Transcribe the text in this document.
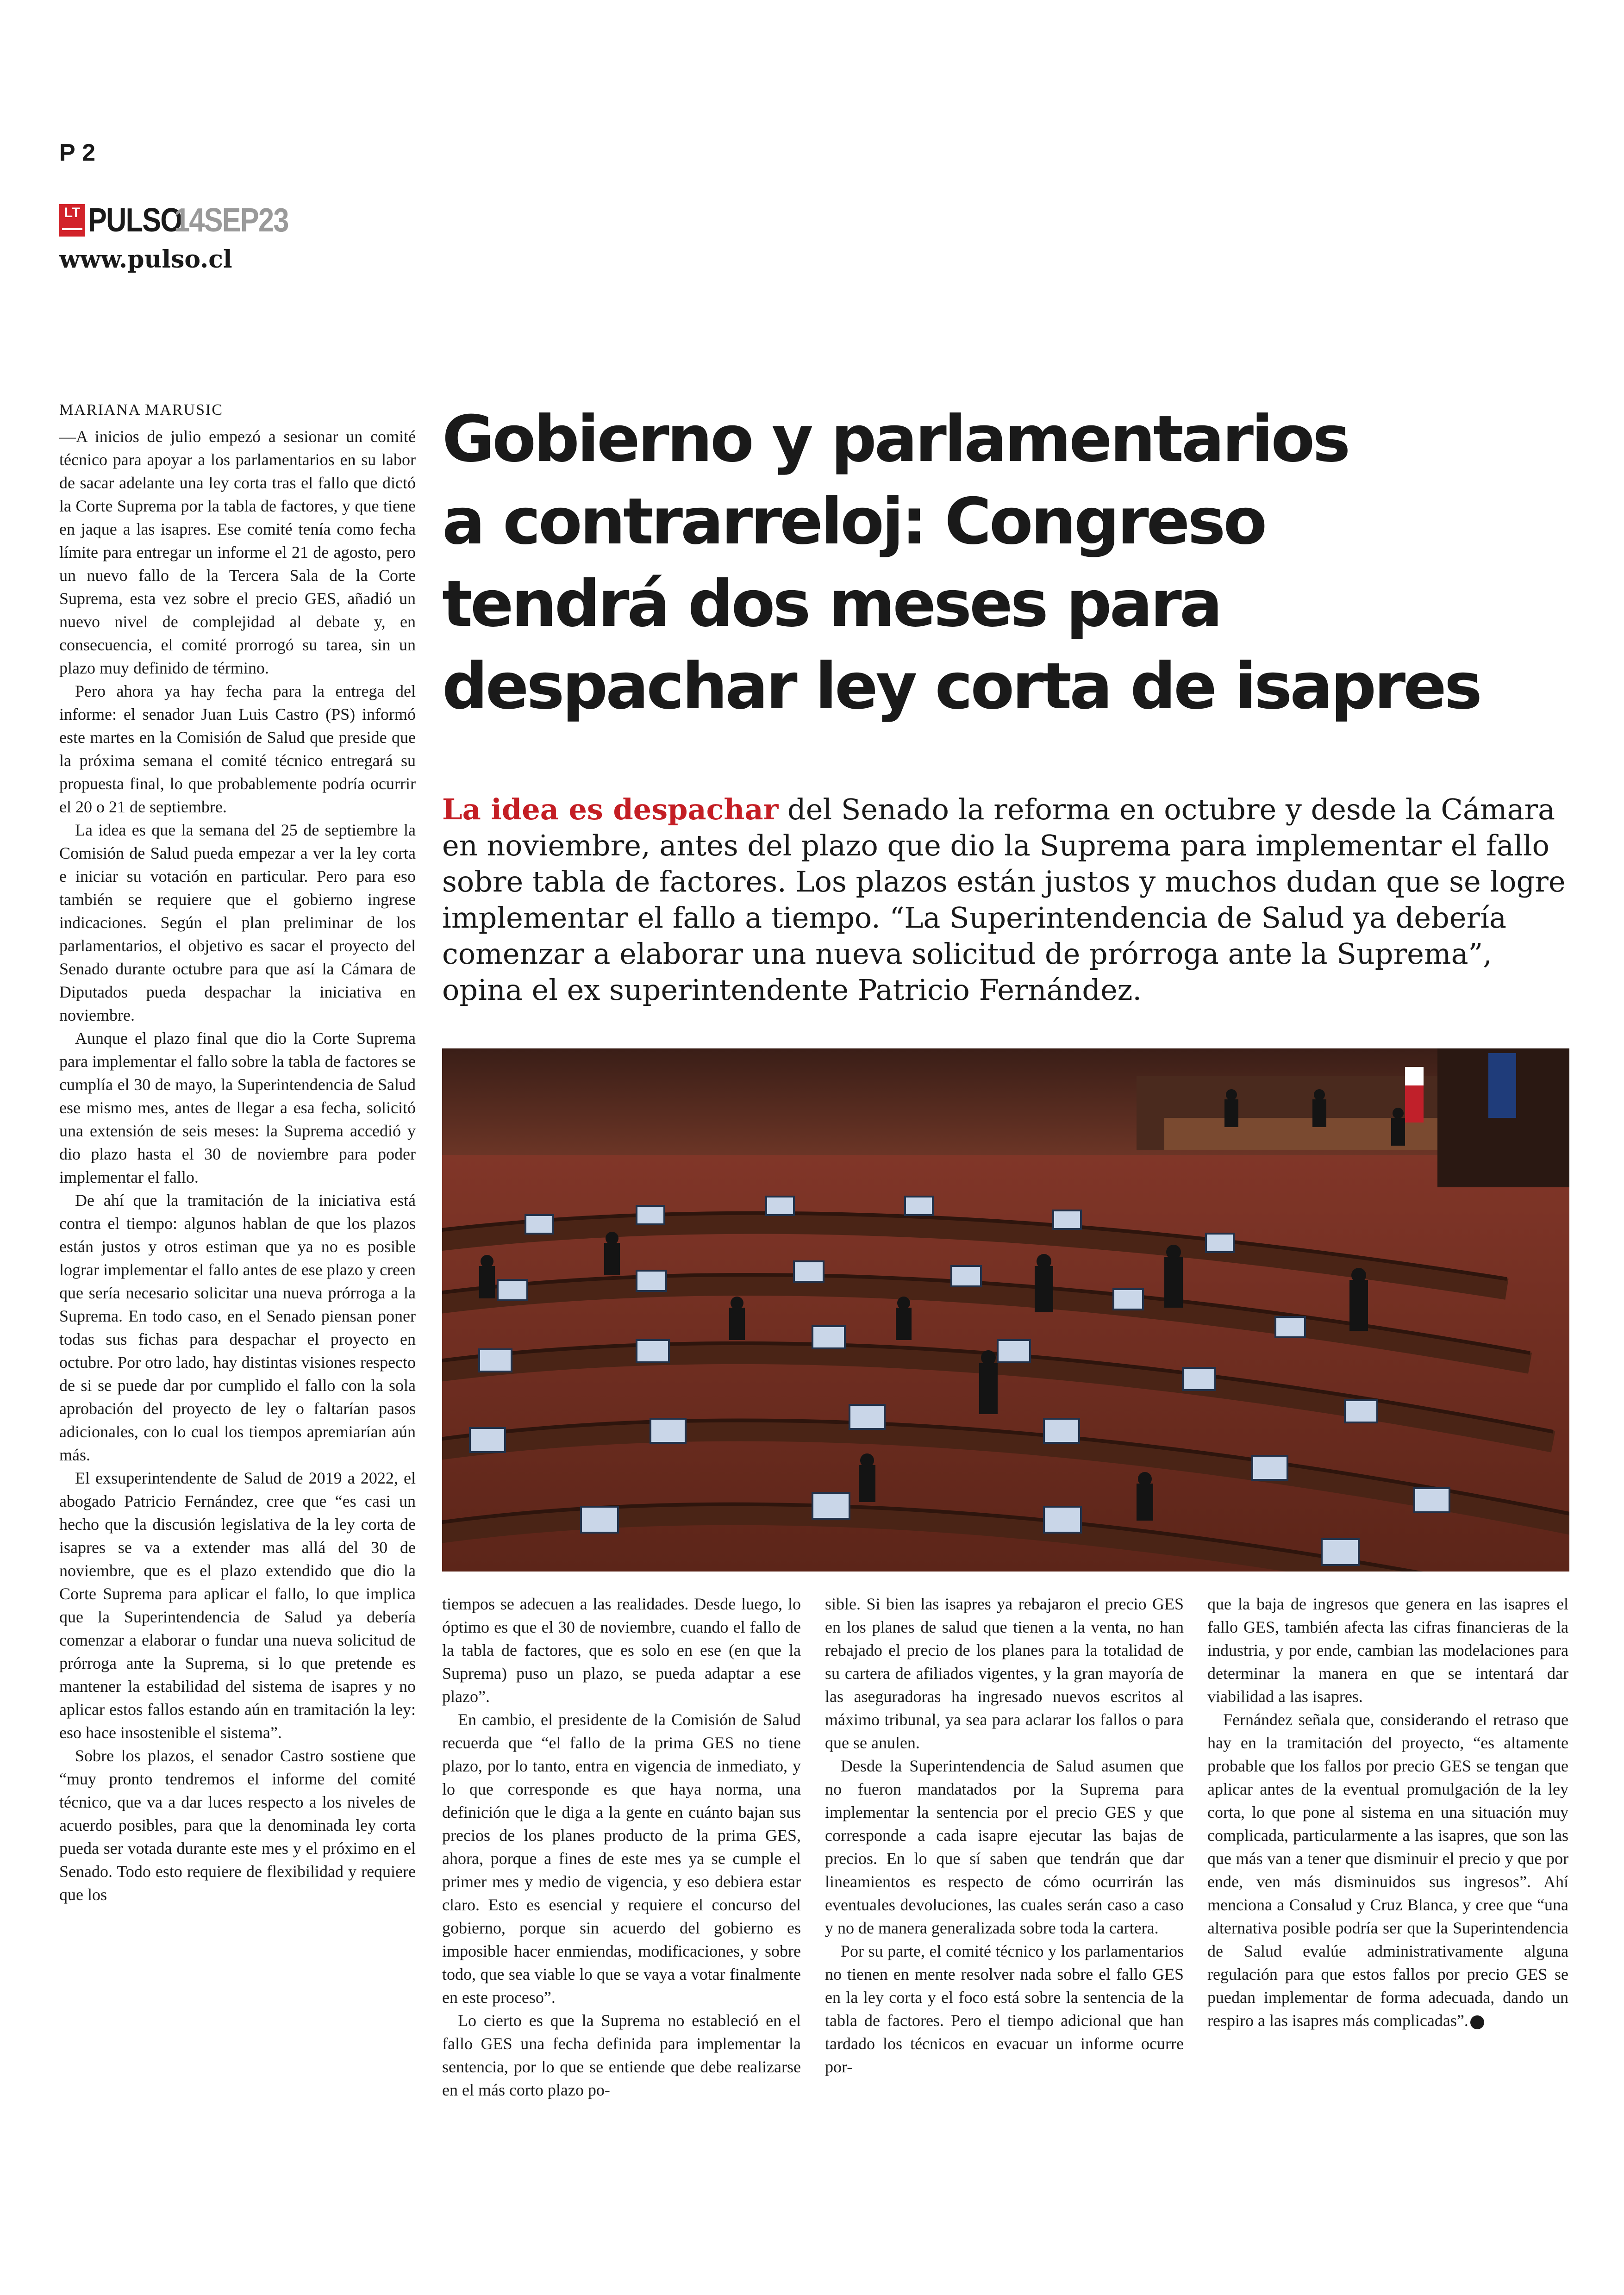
P 2
LT PULSO
14SEP23
www.pulso.cl
MARIANA MARUSIC

—A inicios de julio empezó a sesionar un comité técnico para apoyar a los parlamentarios en su labor de sacar adelante una ley corta tras el fallo que dictó la Corte Suprema por la tabla de factores, y que tiene en jaque a las isapres. Ese comité tenía como fecha límite para entregar un informe el 21 de agosto, pero un nuevo fallo de la Tercera Sala de la Corte Suprema, esta vez sobre el precio GES, añadió un nuevo nivel de complejidad al debate y, en consecuencia, el comité prorrogó su tarea, sin un plazo muy definido de término.

Pero ahora ya hay fecha para la entrega del informe: el senador Juan Luis Castro (PS) informó este martes en la Comisión de Salud que preside que la próxima semana el comité técnico entregará su propuesta final, lo que probablemente podría ocurrir el 20 o 21 de septiembre.

La idea es que la semana del 25 de septiembre la Comisión de Salud pueda empezar a ver la ley corta e iniciar su votación en particular. Pero para eso también se requiere que el gobierno ingrese indicaciones. Según el plan preliminar de los parlamentarios, el objetivo es sacar el proyecto del Senado durante octubre para que así la Cámara de Diputados pueda despachar la iniciativa en noviembre.

Aunque el plazo final que dio la Corte Suprema para implementar el fallo sobre la tabla de factores se cumplía el 30 de mayo, la Superintendencia de Salud ese mismo mes, antes de llegar a esa fecha, solicitó una extensión de seis meses: la Suprema accedió y dio plazo hasta el 30 de noviembre para poder implementar el fallo.

De ahí que la tramitación de la iniciativa está contra el tiempo: algunos hablan de que los plazos están justos y otros estiman que ya no es posible lograr implementar el fallo antes de ese plazo y creen que sería necesario solicitar una nueva prórroga a la Suprema. En todo caso, en el Senado piensan poner todas sus fichas para despachar el proyecto en octubre. Por otro lado, hay distintas visiones respecto de si se puede dar por cumplido el fallo con la sola aprobación del proyecto de ley o faltarían pasos adicionales, con lo cual los tiempos apremiarían aún más.

El exsuperintendente de Salud de 2019 a 2022, el abogado Patricio Fernández, cree que “es casi un hecho que la discusión legislativa de la ley corta de isapres se va a extender mas allá del 30 de noviembre, que es el plazo extendido que dio la Corte Suprema para aplicar el fallo, lo que implica que la Superintendencia de Salud ya debería comenzar a elaborar o fundar una nueva solicitud de prórroga ante la Suprema, si lo que pretende es mantener la estabilidad del sistema de isapres y no aplicar estos fallos estando aún en tramitación la ley: eso hace insostenible el sistema”.

Sobre los plazos, el senador Castro sostiene que “muy pronto tendremos el informe del comité técnico, que va a dar luces respecto a los niveles de acuerdo posibles, para que la denominada ley corta pueda ser votada durante este mes y el próximo en el Senado. Todo esto requiere de flexibilidad y requiere que los

Gobierno y parlamentarios
a contrarreloj: Congreso
tendrá dos meses para
despachar ley corta de isapres
La idea es despachar del Senado la reforma en octubre y desde la Cámara en noviembre, antes del plazo que dio la Suprema para implementar el fallo sobre tabla de factores. Los plazos están justos y muchos dudan que se logre implementar el fallo a tiempo. “La Superintendencia de Salud ya debería comenzar a elaborar una nueva solicitud de prórroga ante la Suprema”, opina el ex superintendente Patricio Fernández.

tiempos se adecuen a las realidades. Desde luego, lo óptimo es que el 30 de noviembre, cuando el fallo de la tabla de factores, que es solo en ese (en que la Suprema) puso un plazo, se pueda adaptar a ese plazo”.

En cambio, el presidente de la Comisión de Salud recuerda que “el fallo de la prima GES no tiene plazo, por lo tanto, entra en vigencia de inmediato, y lo que corresponde es que haya norma, una definición que le diga a la gente en cuánto bajan sus precios de los planes producto de la prima GES, ahora, porque a fines de este mes ya se cumple el primer mes y medio de vigencia, y eso debiera estar claro. Esto es esencial y requiere el concurso del gobierno, porque sin acuerdo del gobierno es imposible hacer enmiendas, modificaciones, y sobre todo, que sea viable lo que se vaya a votar finalmente en este proceso”.

Lo cierto es que la Suprema no estableció en el fallo GES una fecha definida para implementar la sentencia, por lo que se entiende que debe realizarse en el más corto plazo po-

sible. Si bien las isapres ya rebajaron el precio GES en los planes de salud que tienen a la venta, no han rebajado el precio de los planes para la totalidad de su cartera de afiliados vigentes, y la gran mayoría de las aseguradoras ha ingresado nuevos escritos al máximo tribunal, ya sea para aclarar los fallos o para que se anulen.

Desde la Superintendencia de Salud asumen que no fueron mandatados por la Suprema para implementar la sentencia por el precio GES y que corresponde a cada isapre ejecutar las bajas de precios. En lo que sí saben que tendrán que dar lineamientos es respecto de cómo ocurrirán las eventuales devoluciones, las cuales serán caso a caso y no de manera generalizada sobre toda la cartera.

Por su parte, el comité técnico y los parlamentarios no tienen en mente resolver nada sobre el fallo GES en la ley corta y el foco está sobre la sentencia de la tabla de factores. Pero el tiempo adicional que han tardado los técnicos en evacuar un informe ocurre por-

que la baja de ingresos que genera en las isapres el fallo GES, también afecta las cifras financieras de la industria, y por ende, cambian las modelaciones para determinar la manera en que se intentará dar viabilidad a las isapres.

Fernández señala que, considerando el retraso que hay en la tramitación del proyecto, “es altamente probable que los fallos por precio GES se tengan que aplicar antes de la eventual promulgación de la ley corta, lo que pone al sistema en una situación muy complicada, particularmente a las isapres, que son las que más van a tener que disminuir el precio y que por ende, ven más disminuidos sus ingresos”. Ahí menciona a Consalud y Cruz Blanca, y cree que “una alternativa posible podría ser que la Superintendencia de Salud evalúe administrativamente alguna regulación para que estos fallos por precio GES se puedan implementar de forma adecuada, dando un respiro a las isapres más complicadas”. P
